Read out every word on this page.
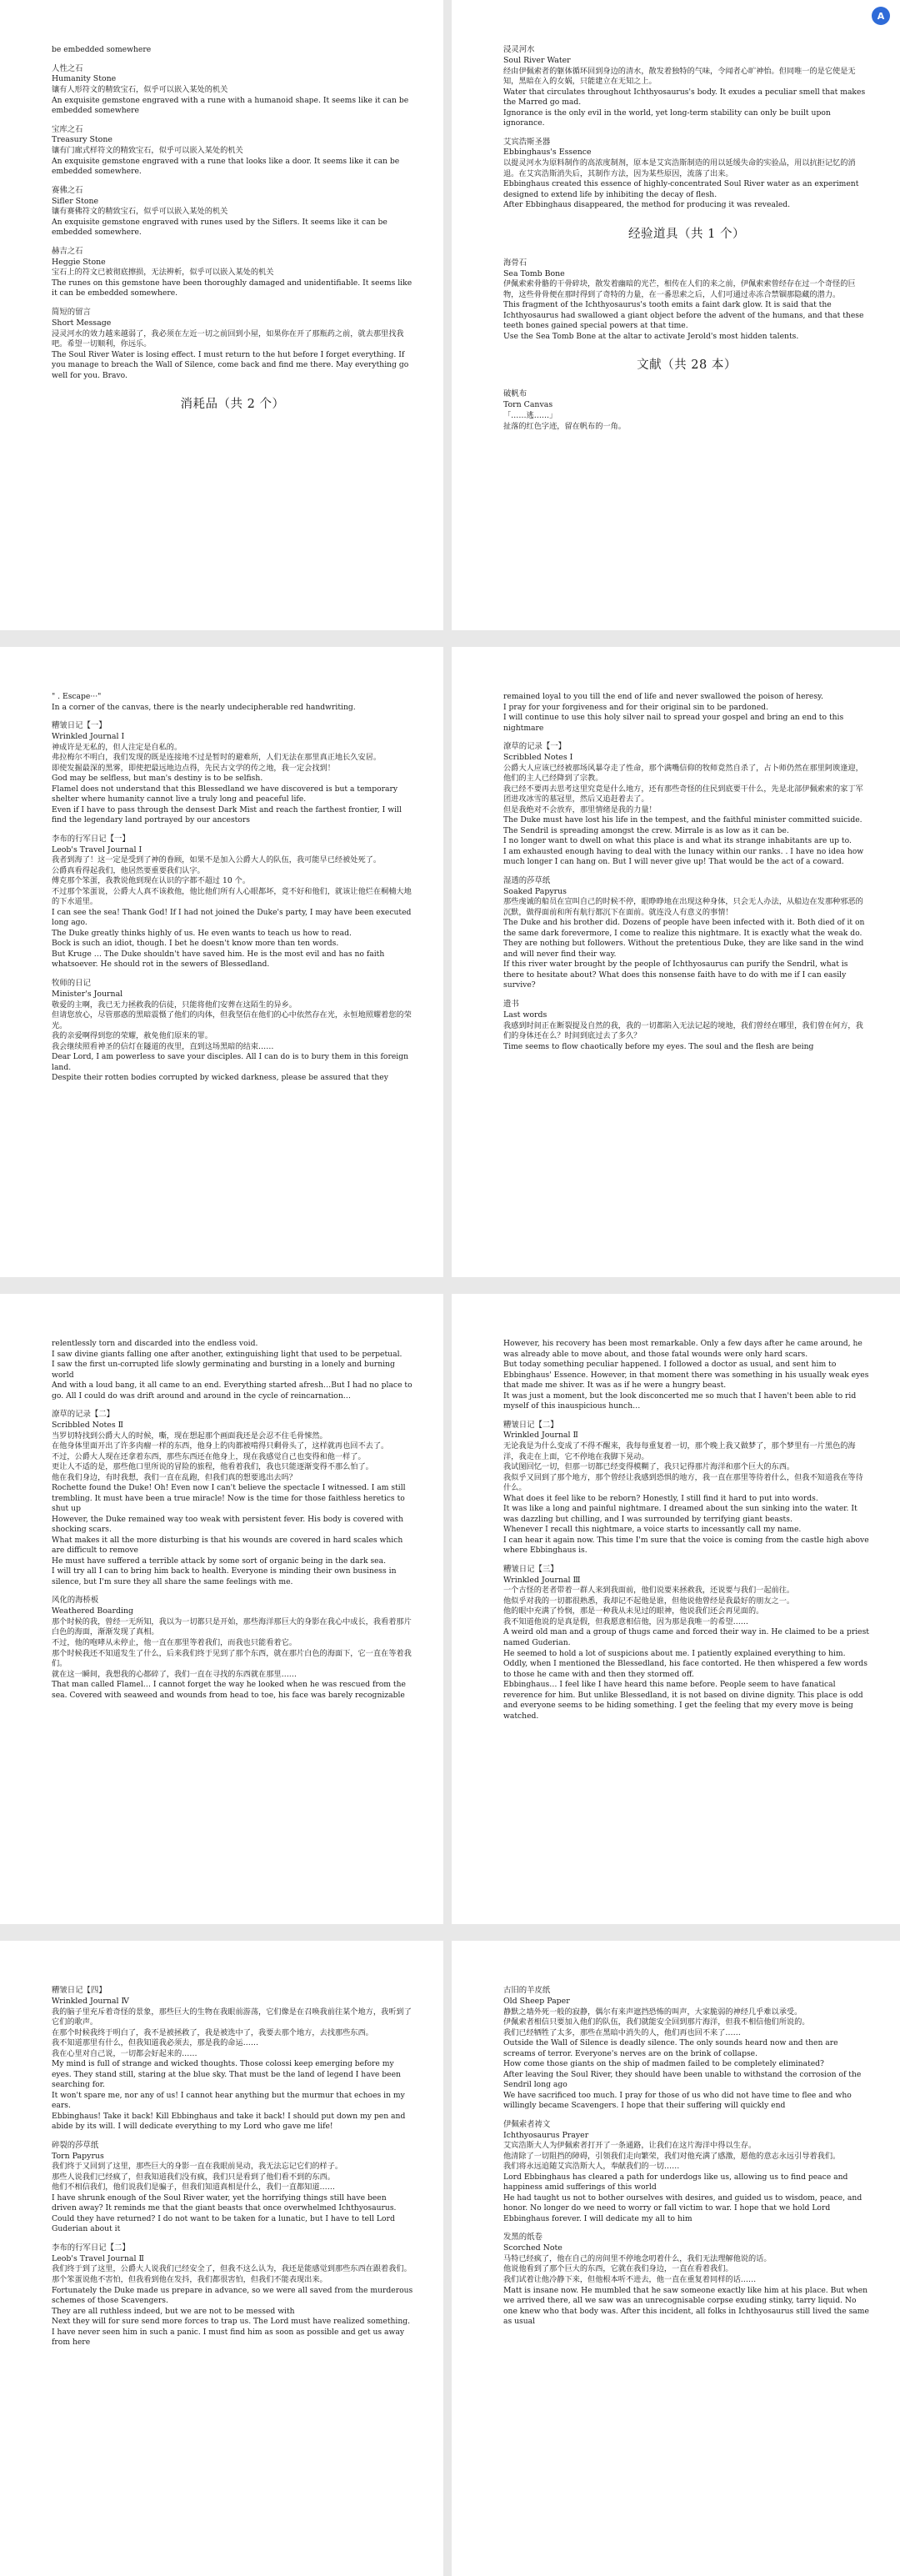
be embedded somewhere
人性之石
Humanity Stone
镶有人形符文的精致宝石，似乎可以嵌入某处的机关
An exquisite gemstone engraved with a rune with a humanoid shape. It seems like it can be embedded somewhere
宝库之石
Treasury Stone
镶有门廊式样符文的精致宝石，似乎可以嵌入某处的机关
An exquisite gemstone engraved with a rune that looks like a door. It seems like it can be embedded somewhere.
赛佛之石
Sifler Stone
镶有赛佛符文的精致宝石，似乎可以嵌入某处的机关
An exquisite gemstone engraved with runes used by the Siflers. It seems like it can be embedded somewhere.
赫吉之石
Heggie Stone
宝石上的符文已被彻底擦损，无法辨析，似乎可以嵌入某处的机关
The runes on this gemstone have been thoroughly damaged and unidentifiable. It seems like it can be embedded somewhere.
简短的留言
Short Message
浸灵河水的效力越来越弱了，我必须在左近一切之前回到小屋，如果你在开了那瓶药之前，就去那里找我吧。希望一切顺利，你远乐。
The Soul River Water is losing effect. I must return to the hut before I forget everything. If you manage to breach the Wall of Silence, come back and find me there. May everything go well for you. Bravo.
消耗品（共 2 个）
浸灵河水
Soul River Water
经由伊佩索者的躯体循环回到身边的清水，散发着独特的气味，令闻者心旷神怡。但同唯一的是它使是无知，黑暗在入的女娲，只能建立在无知之上。
Water that circulates throughout Ichthyosaurus's body. It exudes a peculiar smell that makes the Marred go mad.
Ignorance is the only evil in the world, yet long-term stability can only be built upon ignorance.
艾宾浩斯圣器
Ebbinghaus's Essence
以提灵河水为原料制作的高浓度制剂，原本是艾宾浩斯制造的用以延缓失命的实验品，用以抗拒记忆的消退。在艾宾浩斯消失后，其制作方法，因为某些原因，流落了出来。
Ebbinghaus created this essence of highly-concentrated Soul River water as an experiment designed to extend life by inhibiting the decay of flesh.
After Ebbinghaus disappeared, the method for producing it was revealed.
经验道具（共 1 个）
海骨石
Sea Tomb Bone
伊佩索索骨骼的干骨碎块，散发着幽暗的光芒，相传在人们的来之前，伊佩索索曾经存在过一个奇怪的巨物，这些骨骨便在那时得到了奇特的力量，在一番思索之后，人们可通过赤冻合禁锢那隐藏的潜力。
This fragment of the Ichthyosaurus's tooth emits a faint dark glow. It is said that the Ichthyosaurus had swallowed a giant object before the advent of the humans, and that these teeth bones gained special powers at that time.
Use the Sea Tomb Bone at the altar to activate Jerold's most hidden talents.
文献（共 28 本）
破帆布
Torn Canvas
「……逃……」
扯落的红色字迹，留在帆布的一角。
" . Escape···"
In a corner of the canvas, there is the nearly undecipherable red handwriting.
糟皱日记【一】
Wrinkled Journal Ⅰ
神成许是无私的，但人注定是自私的。
弗拉梅尔不明白，我们发现的既是连接地不过是暂时的避难所，人们无法在那里真正地长久安居。
即使发掘最深的黑雾，即使把最远地边点得，先民古文学的传之地，我一定会找到！
God may be selfless, but man's destiny is to be selfish.
Flamel does not understand that this Blessedland we have discovered is but a temporary shelter where humanity cannot live a truly long and peaceful life.
Even if I have to pass through the densest Dark Mist and reach the farthest frontier, I will find the legendary land portrayed by our ancestors
李布的行军日记【一】
Leob's Travel Journal Ⅰ
我者到海了！这一定是受到了神的眷顾，如果不是加入公爵大人的队伍，我可能早已经被处死了。
公爵真看得起我们，他居然要重要我们认字。
傅克那个笨蛋，我教说他到现在认识的字都不超过 10 个。
不过那个笨蛋说，公爵大人真不该救他，他比他们所有人心眼都坏，竟不好和他们，就该让他烂在桐楠大地的下水道里。
I can see the sea! Thank God! If I had not joined the Duke's party, I may have been executed long ago.
The Duke greatly thinks highly of us. He even wants to teach us how to read.
Bock is such an idiot, though. I bet he doesn't know more than ten words.
But Kruge … The Duke shouldn't have saved him. He is the most evil and has no faith whatsoever. He should rot in the sewers of Blessedland.
牧师的日记
Minister's Journal
敬爱的主啊，我已无力拯救我的信徒，只能将他们安葬在这陌生的异乡。
但请您放心，尽管那惑的黑暗震慑了他们的肉体，但我坚信在他们的心中依然存在光，永恒地照耀着您的荣光。
我的亲爱啊得到您的荣耀，赦免他们原来的罪。
我会继续照看神圣的信灯在隧道的夜里，直到这场黑暗的结束……
Dear Lord, I am powerless to save your disciples. All I can do is to bury them in this foreign land.
Despite their rotten bodies corrupted by wicked darkness, please be assured that they
remained loyal to you till the end of life and never swallowed the poison of heresy.
I pray for your forgiveness and for their original sin to be pardoned.
I will continue to use this holy silver nail to spread your gospel and bring an end to this nightmare
潦草的记录【一】
Scribbled Notes Ⅰ
公爵大人应该已经被那场风暴夺走了性命，那个满嘴信仰的牧师竟然自杀了，占卜师仍然在那里阿谀逢迎，他们的主人已经降到了宗教。
我已经不要再去思考这里究竟是什么地方，还有那些奇怪的住民到底要干什么，先是北部伊佩索索的家丁军团进攻冰雪的墓冠里，然后又追赶着去了。
但是我绝对不会放弃，那里情绪是我的力量！
The Duke must have lost his life in the tempest, and the faithful minister committed suicide. The Sendril is spreading amongst the crew. Mirrale is as low as it can be.
I no longer want to dwell on what this place is and what its strange inhabitants are up to.
I am exhausted enough having to deal with the lunacy within our ranks. . I have no idea how much longer I can hang on. But I will never give up! That would be the act of a coward.
湿透的莎草纸
Soaked Papyrus
那些虔诚的船员在宣叫自己的时候不停，眼睁睁地在出现这种身体，只会无人办法，从船边在发那种邪恶的沉默，做得面前和所有航行都沉下在面前。就连没人有意义的事情！
The Duke and his brother did. Dozens of people have been infected with it. Both died of it on the same dark forevermore, I come to realize this nightmare. It is exactly what the weak do. They are nothing but followers. Without the pretentious Duke, they are like sand in the wind and will never find their way.
If this river water brought by the people of Ichthyosaurus can purify the Sendril, what is there to hesitate about? What does this nonsense faith have to do with me if I can easily survive?
遗书
Last words
我感到时间正在断裂提及自然的我，我的一切都陷入无法记起的境地，我们曾经在哪里，我们曾在何方，我们的身体还在么？时间到底过去了多久？
Time seems to flow chaotically before my eyes. The soul and the flesh are being
relentlessly torn and discarded into the endless void.
I saw divine giants falling one after another, extinguishing light that used to be perpetual.
I saw the first un-corrupted life slowly germinating and bursting in a lonely and burning world
And with a loud bang, it all came to an end. Everything started afresh…But I had no place to go. All I could do was drift around and around in the cycle of reincarnation…
潦草的记录【二】
Scribbled Notes Ⅱ
当罗切特找到公爵大人的时候，嘶，现在想起那个画面我还是会忍不住毛骨悚然。
在他身体里面开出了许多肉瘤一样的东西，他身上的肉都被啃得只剩骨头了，这样就再也回不去了。
不过，公爵大人现在还拿着东西，那些东西还在他身上，现在我感觉自己也变得和他一样了。
更让人不适的是，那些他口里所说的冒险的旅程，他看着我们，我也只能逐渐变得不那么怕了。
他在我们身边，有时我想，我们一直在乱跑，但我们真的想要逃出去吗？
Rochette found the Duke! Oh! Even now I can't believe the spectacle I witnessed. I am still trembling. It must have been a true miracle! Now is the time for those faithless heretics to shut up
However, the Duke remained way too weak with persistent fever. His body is covered with shocking scars.
What makes it all the more disturbing is that his wounds are covered in hard scales which are difficult to remove
He must have suffered a terrible attack by some sort of organic being in the dark sea.
I will try all I can to bring him back to health. Everyone is minding their own business in silence, but I'm sure they all share the same feelings with me.
风化的海桥板
Weathered Boarding
那个时候的我，曾经一无所知，我以为一切都只是开始，那些海洋那巨大的身影在我心中成长，我看着那片白色的海面，渐渐发现了真相。
不过，他的咆哮从未停止，他一直在那里等着我们，而我也只能看着它。
那个时候我还不知道发生了什么，后来我们终于见到了那个东西，就在那片白色的海面下，它一直在等着我们。
就在这一瞬间，我想我的心都碎了，我们一直在寻找的东西就在那里……
That man called Flamel… I cannot forget the way he looked when he was rescued from the sea. Covered with seaweed and wounds from head to toe, his face was barely recognizable
However, his recovery has been most remarkable. Only a few days after he came around, he was already able to move about, and those fatal wounds were only hard scars.
But today something peculiar happened. I followed a doctor as usual, and sent him to Ebbinghaus' Essence. However, in that moment there was something in his usually weak eyes that made me shiver. It was as if he were a hungry beast.
It was just a moment, but the look disconcerted me so much that I haven't been able to rid myself of this inauspicious hunch…
糟皱日记【二】
Wrinkled Journal Ⅱ
无论我是为什么变成了不得不醒来，我每每重复着一切，那个晚上我又做梦了，那个梦里有一片黑色的海洋，我走在上面，它不停地在我脚下晃动。
我试图回忆一切，但那一切都已经变得模糊了，我只记得那片海洋和那个巨大的东西。
我似乎又回到了那个地方，那个曾经让我感到恐惧的地方，我一直在那里等待着什么，但我不知道我在等待什么。
What does it feel like to be reborn? Honestly, I still find it hard to put into words.
It was like a long and painful nightmare. I dreamed about the sun sinking into the water. It was dazzling but chilling, and I was surrounded by terrifying giant beasts.
Whenever I recall this nightmare, a voice starts to incessantly call my name.
I can hear it again now. This time I'm sure that the voice is coming from the castle high above where Ebbinghaus is.
糟皱日记【三】
Wrinkled Journal Ⅲ
一个古怪的老者带着一群人来到我面前，他们说要来拯救我，还说要与我们一起前往。
他似乎对我的一切都很熟悉，我却记不起他是谁，但他说他曾经是我最好的朋友之一。
他的眼中充满了怜悯，那是一种我从未见过的眼神，他说我们还会再见面的。
我不知道他说的是真是假，但我愿意相信他，因为那是我唯一的希望……
A weird old man and a group of thugs came and forced their way in. He claimed to be a priest named Guderian.
He seemed to hold a lot of suspicions about me. I patiently explained everything to him. Oddly, when I mentioned the Blessedland, his face contorted. He then whispered a few words to those he came with and then they stormed off.
Ebbinghaus… I feel like I have heard this name before. People seem to have fanatical reverence for him. But unlike Blessedland, it is not based on divine dignity. This place is odd and everyone seems to be hiding something. I get the feeling that my every move is being watched.
糟皱日记【四】
Wrinkled Journal Ⅳ
我的脑子里充斥着奇怪的景象，那些巨大的生物在我眼前游荡，它们像是在召唤我前往某个地方，我听到了它们的歌声。
在那个时候我终于明白了，我不是被拯救了，我是被选中了，我要去那个地方，去找那些东西。
我不知道那里有什么，但我知道我必须去，那是我的命运……
我在心里对自己说，一切都会好起来的……
My mind is full of strange and wicked thoughts. Those colossi keep emerging before my eyes. They stand still, staring at the blue sky. That must be the land of legend I have been searching for.
It won't spare me, nor any of us! I cannot hear anything but the murmur that echoes in my ears.
Ebbinghaus! Take it back! Kill Ebbinghaus and take it back! I should put down my pen and abide by its will. I will dedicate everything to my Lord who gave me life!
碎裂的莎草纸
Torn Papyrus
我们终于又回到了这里，那些巨大的身影一直在我眼前晃动，我无法忘记它们的样子。
那些人说我们已经疯了，但我知道我们没有疯，我们只是看到了他们看不到的东西。
他们不相信我们，他们说我们是骗子，但我们知道真相是什么，我们一直都知道……
I have shrunk enough of the Soul River water, yet the horrifying things still have been driven away? It reminds me that the giant beasts that once overwhelmed Ichthyosaurus. Could they have returned? I do not want to be taken for a lunatic, but I have to tell Lord Guderian about it
李布的行军日记【二】
Leob's Travel Journal Ⅱ
我们终于到了这里，公爵大人说我们已经安全了，但我不这么认为，我还是能感觉到那些东西在跟着我们。
那个笨蛋说他不害怕，但我看到他在发抖，我们都很害怕，但我们不能表现出来。
Fortunately the Duke made us prepare in advance, so we were all saved from the murderous schemes of those Scavengers.
They are all ruthless indeed, but we are not to be messed with
Next they will for sure send more forces to trap us. The Lord must have realized something. I have never seen him in such a panic. I must find him as soon as possible and get us away from here
古旧的羊皮纸
Old Sheep Paper
静默之墙外死一般的寂静，偶尔有来声遮挡恐怖的叫声，大家脆弱的神经几乎难以承受。
伊佩索者相信只要加入他们的队伍，我们就能安全回到那片海洋，但我不相信他们所说的。
我们已经牺牲了太多，那些在黑暗中消失的人，他们再也回不来了……
Outside the Wall of Silence is deadly silence. The only sounds heard now and then are screams of terror. Everyone's nerves are on the brink of collapse.
How come those giants on the ship of madmen failed to be completely eliminated?
After leaving the Soul River, they should have been unable to withstand the corrosion of the Sendril long ago
We have sacrificed too much. I pray for those of us who did not have time to flee and who willingly became Scavengers. I hope that their suffering will quickly end
伊佩索者祷文
Ichthyosaurus Prayer
艾宾浩斯大人为伊佩索者打开了一条通路，让我们在这片海洋中得以生存。
他清除了一切阻挡的障碍，引领我们走向繁荣，我们对他充满了感激，愿他的意志永远引导着我们。
我们将永远追随艾宾浩斯大人，奉献我们的一切……
Lord Ebbinghaus has cleared a path for underdogs like us, allowing us to find peace and happiness amid sufferings of this world
He had taught us not to bother ourselves with desires, and guided us to wisdom, peace, and honor. No longer do we need to worry or fall victim to war. I hope that we hold Lord Ebbinghaus forever. I will dedicate my all to him
发黑的纸卷
Scorched Note
马特已经疯了，他在自己的房间里不停地念叨着什么，我们无法理解他说的话。
他说他看到了那个巨大的东西，它就在我们身边，一直在看着我们。
我们试着让他冷静下来，但他根本听不进去，他一直在重复着同样的话……
Matt is insane now. He mumbled that he saw someone exactly like him at his place. But when we arrived there, all we saw was an unrecognisable corpse exuding stinky, tarry liquid. No one knew who that body was. After this incident, all folks in Ichthyosaurus still lived the same as usual
A
